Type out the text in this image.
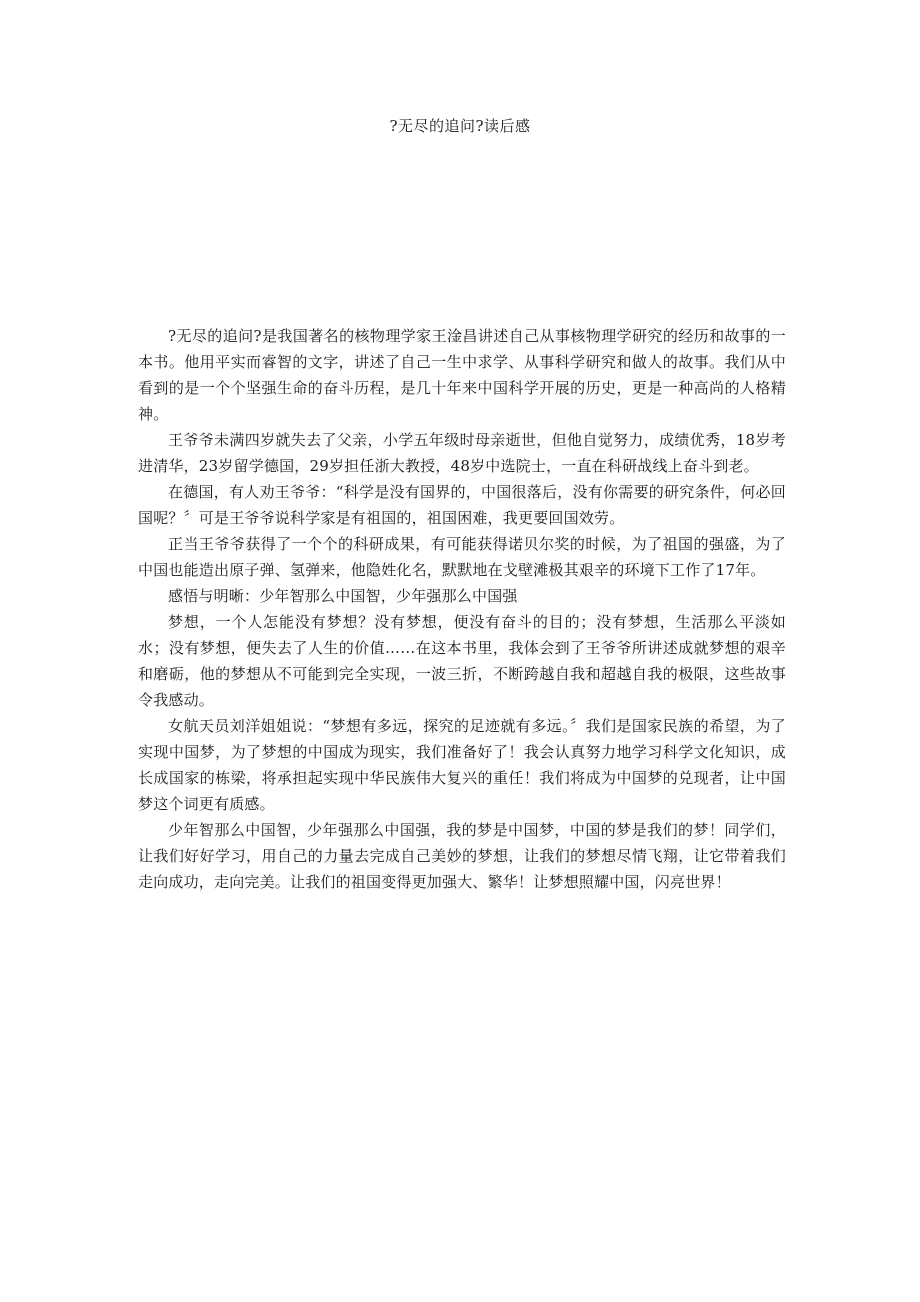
?无尽的追问?读后感

?无尽的追问?是我国著名的核物理学家王淦昌讲述自己从事核物理学研究的经历和故事的一本书。他用平实而睿智的文字，讲述了自己一生中求学、从事科学研究和做人的故事。我们从中看到的是一个个坚强生命的奋斗历程，是几十年来中国科学开展的历史，更是一种高尚的人格精神。

王爷爷未满四岁就失去了父亲，小学五年级时母亲逝世，但他自觉努力，成绩优秀，18岁考进清华，23岁留学德国，29岁担任浙大教授，48岁中选院士，一直在科研战线上奋斗到老。

在德国，有人劝王爷爷：“科学是没有国界的，中国很落后，没有你需要的研究条件，何必回国呢？〞可是王爷爷说科学家是有祖国的，祖国困难，我更要回国效劳。

正当王爷爷获得了一个个的科研成果，有可能获得诺贝尔奖的时候，为了祖国的强盛，为了中国也能造出原子弹、氢弹来，他隐姓化名，默默地在戈壁滩极其艰辛的环境下工作了17年。

感悟与明晰：少年智那么中国智，少年强那么中国强

梦想，一个人怎能没有梦想？没有梦想，便没有奋斗的目的；没有梦想，生活那么平淡如水；没有梦想，便失去了人生的价值……在这本书里，我体会到了王爷爷所讲述成就梦想的艰辛和磨砺，他的梦想从不可能到完全实现，一波三折，不断跨越自我和超越自我的极限，这些故事令我感动。

女航天员刘洋姐姐说：“梦想有多远，探究的足迹就有多远。〞我们是国家民族的希望，为了实现中国梦，为了梦想的中国成为现实，我们准备好了！我会认真努力地学习科学文化知识，成长成国家的栋梁，将承担起实现中华民族伟大复兴的重任！我们将成为中国梦的兑现者，让中国梦这个词更有质感。

少年智那么中国智，少年强那么中国强，我的梦是中国梦，中国的梦是我们的梦！同学们，让我们好好学习，用自己的力量去完成自己美妙的梦想，让我们的梦想尽情飞翔，让它带着我们走向成功，走向完美。让我们的祖国变得更加强大、繁华！让梦想照耀中国，闪亮世界！
